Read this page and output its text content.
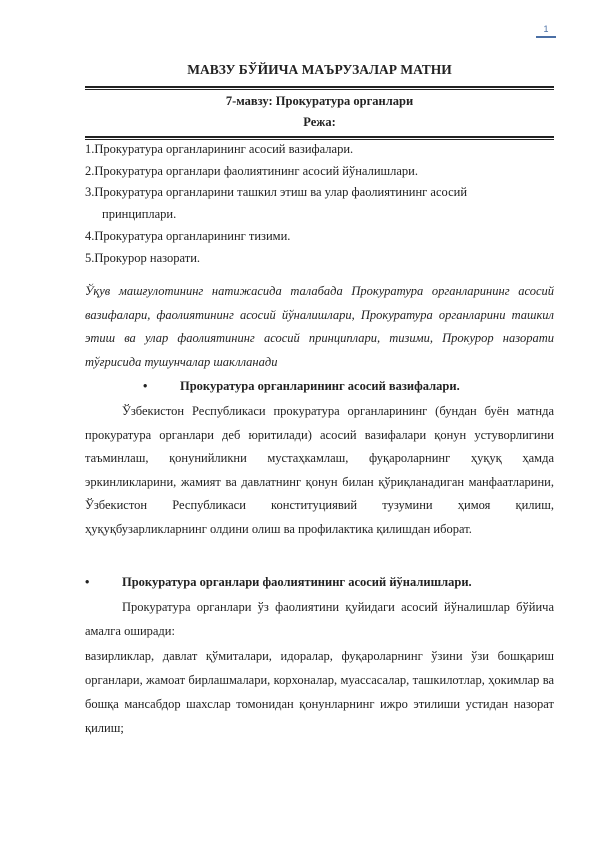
1

МАВЗУ БЎЙИЧА МАЪРУЗАЛАР МАТНИ

7-мавзу: Прокуратура органлари

Режа:

1.Прокуратура органларининг асосий вазифалари.
2.Прокуратура органлари фаолиятининг асосий йўналишлари.
3.Прокуратура органларини ташкил этиш ва улар фаолиятининг асосий
принциплари.
4.Прокуратура органларининг тизими.
5.Прокурор назорати.

Ўқув машғулотининг натижасида талабада Прокуратура органларининг асосий вазифалари, фаолиятининг асосий йўналишлари, Прокуратура органларини ташкил этиш ва улар фаолиятининг асосий принциплари, тизими, Прокурор назорати тўғрисида тушунчалар шаклланади

•	Прокуратура органларининг асосий вазифалари.

Ўзбекистон Республикаси прокуратура органларининг (бундан буён матнда прокуратура органлари деб юритилади) асосий вазифалари қонун устуворлигини таъминлаш, қонунийликни мустаҳкамлаш, фуқароларнинг ҳуқуқ ҳамда эркинликларини, жамият ва давлатнинг қонун билан қўриқланадиган манфаатларини, Ўзбекистон Республикаси конституциявий тузумини ҳимоя қилиш, ҳуқуқбузарликларнинг олдини олиш ва профилактика қилишдан иборат.

•	Прокуратура органлари фаолиятининг асосий йўналишлари.

Прокуратура органлари ўз фаолиятини қуйидаги асосий йўналишлар бўйича амалга оширади:

вазирликлар, давлат қўмиталари, идоралар, фуқароларнинг ўзини ўзи бошқариш органлари, жамоат бирлашмалари, корхоналар, муассасалар, ташкилотлар, ҳокимлар ва бошқа мансабдор шахслар томонидан қонунларнинг ижро этилиши устидан назорат қилиш;
